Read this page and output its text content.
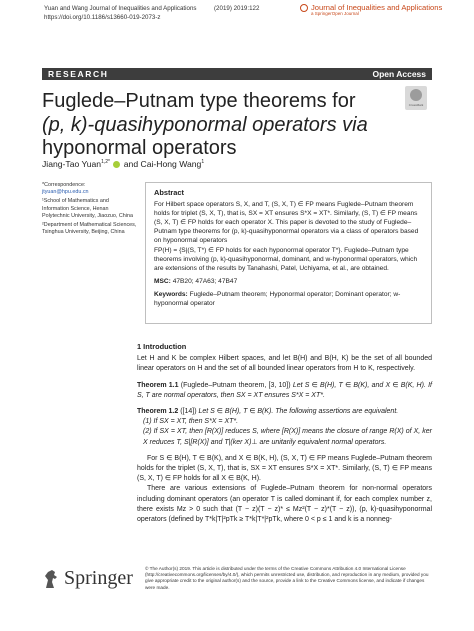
Yuan and Wang Journal of Inequalities and Applications
https://doi.org/10.1186/s13660-019-2073-z
(2019) 2019:122	Journal of Inequalities and Applications
a SpringerOpen Journal
RESEARCH	Open Access
CrossMark
Fuglede–Putnam type theorems for
(p, k)-quasihyponormal operators via
hyponormal operators
Jiang-Tao Yuan$^{1,2*}$ and Cai-Hong Wang$^1$

*Correspondence:
jtyuan@hpu.edu.cn

¹School of Mathematics and Information Science, Henan Polytechnic University, Jiaozuo, China

²Department of Mathematical Sciences, Tsinghua University, Beijing, China

Abstract

For Hilbert space operators S, X, and T, (S, X, T) ∈ FP means Fuglede–Putnam theorem holds for triplet (S, X, T), that is, SX = XT ensures S*X = XT*. Similarly, (S, T) ∈ FP means (S, X, T) ∈ FP holds for each operator X. This paper is devoted to the study of Fuglede–Putnam type theorems for (p, k)-quasihyponormal operators via a class of operators based on hyponormal operators

FP(H) = {S|(S, T*) ∈ FP holds for each hyponormal operator T*}. Fuglede–Putnam type theorems involving (p, k)-quasihyponormal, dominant, and w-hyponormal operators, which are extensions of the results by Tanahashi, Patel, Uchiyama, et al., are obtained.

MSC: 47B20; 47A63; 47B47

Keywords: Fuglede–Putnam theorem; Hyponormal operator; Dominant operator; w-hyponormal operator

1 Introduction
Let H and K be complex Hilbert spaces, and let B(H) and B(H, K) be the set of all bounded linear operators on H and the set of all bounded linear operators from H to K, respectively.
Theorem 1.1 (Fuglede–Putnam theorem, [3, 10]) Let S ∈ B(H), T ∈ B(K), and X ∈ B(K, H). If S, T are normal operators, then SX = XT ensures S*X = XT*.
Theorem 1.2 ([14]) Let S ∈ B(H), T ∈ B(K). The following assertions are equivalent.
(1) If SX = XT, then S*X = XT*.
(2) If SX = XT, then [R(X)] reduces S, where [R(X)] means the closure of range R(X) of X, ker X reduces T, S|[R(X)] and T|(ker X)⊥ are unitarily equivalent normal operators.
For S ∈ B(H), T ∈ B(K), and X ∈ B(K, H), (S, X, T) ∈ FP means Fuglede–Putnam theorem holds for the triplet (S, X, T), that is, SX = XT ensures S*X = XT*. Similarly, (S, T) ∈ FP means (S, X, T) ∈ FP holds for all X ∈ B(K, H).
There are various extensions of Fuglede–Putnam theorem for non-normal operators including dominant operators (an operator T is called dominant if, for each complex number z, there exists Mz > 0 such that (T − z)(T − z)* ≤ Mz²(T − z)*(T − z)), (p, k)-quasihyponormal operators (defined by T*k|T|²pTk ≥ T*k|T*|²pTk, where 0 < p ≤ 1 and k is a nonneg-
Springer	© The Author(s) 2019. This article is distributed under the terms of the Creative Commons Attribution 4.0 International License (http://creativecommons.org/licenses/by/4.0/), which permits unrestricted use, distribution, and reproduction in any medium, provided you give appropriate credit to the original author(s) and the source, provide a link to the Creative Commons license, and indicate if changes were made.
